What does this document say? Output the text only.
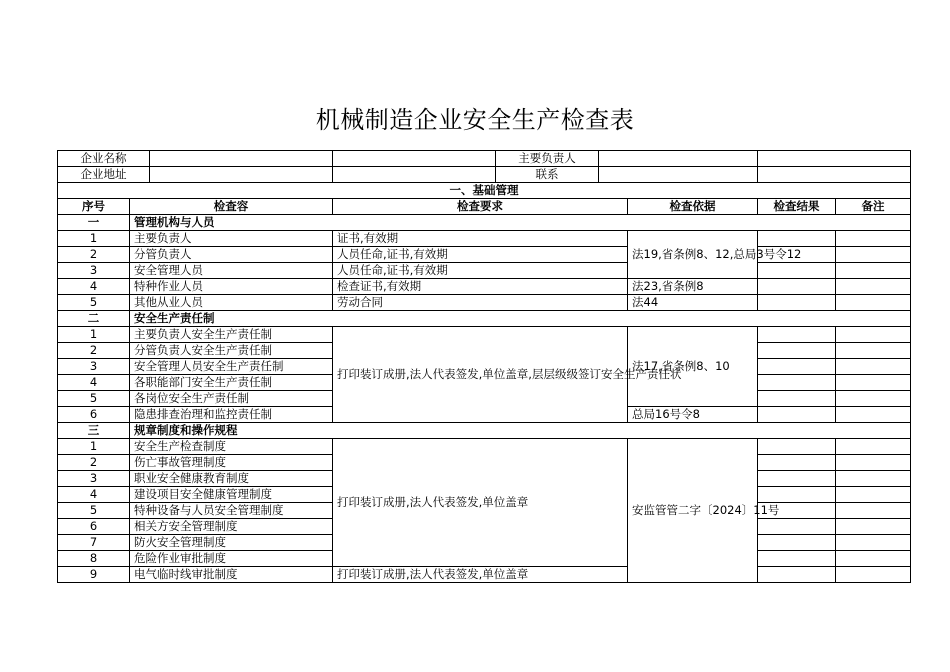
机械制造企业安全生产检查表
企业名称		主要负责人			

企业地址		联系			

一、基础管理					
序号	检查容	检查要求	检查依据	检查结果	备注
一	管理机构与人员				
1	主要负责人	证书,有效期	法19,省条例8、12,总局3号令12		
2	分管负责人	人员任命,证书,有效期			
3	安全管理人员	人员任命,证书,有效期			
4	特种作业人员	检查证书,有效期	法23,省条例8		
5	其他从业人员	劳动合同	法44		
二	安全生产责任制				
1	主要负责人安全生产责任制	打印装订成册,法人代表签发,单位盖章,层层级级签订安全生产责任状	法17,省条例8、10		
2	分管负责人安全生产责任制				
3	安全管理人员安全生产责任制				
4	各职能部门安全生产责任制				
5	各岗位安全生产责任制				
6	隐患排查治理和监控责任制		总局16号令8		
三	规章制度和操作规程				
1	安全生产检查制度	打印装订成册,法人代表签发,单位盖章	安监管管二字〔2024〕11号		
2	伤亡事故管理制度				
3	职业安全健康教育制度				
4	建设项目安全健康管理制度				
5	特种设备与人员安全管理制度				
6	相关方安全管理制度				
7	防火安全管理制度				
8	危险作业审批制度				
9	电气临时线审批制度	打印装订成册,法人代表签发,单位盖章			
